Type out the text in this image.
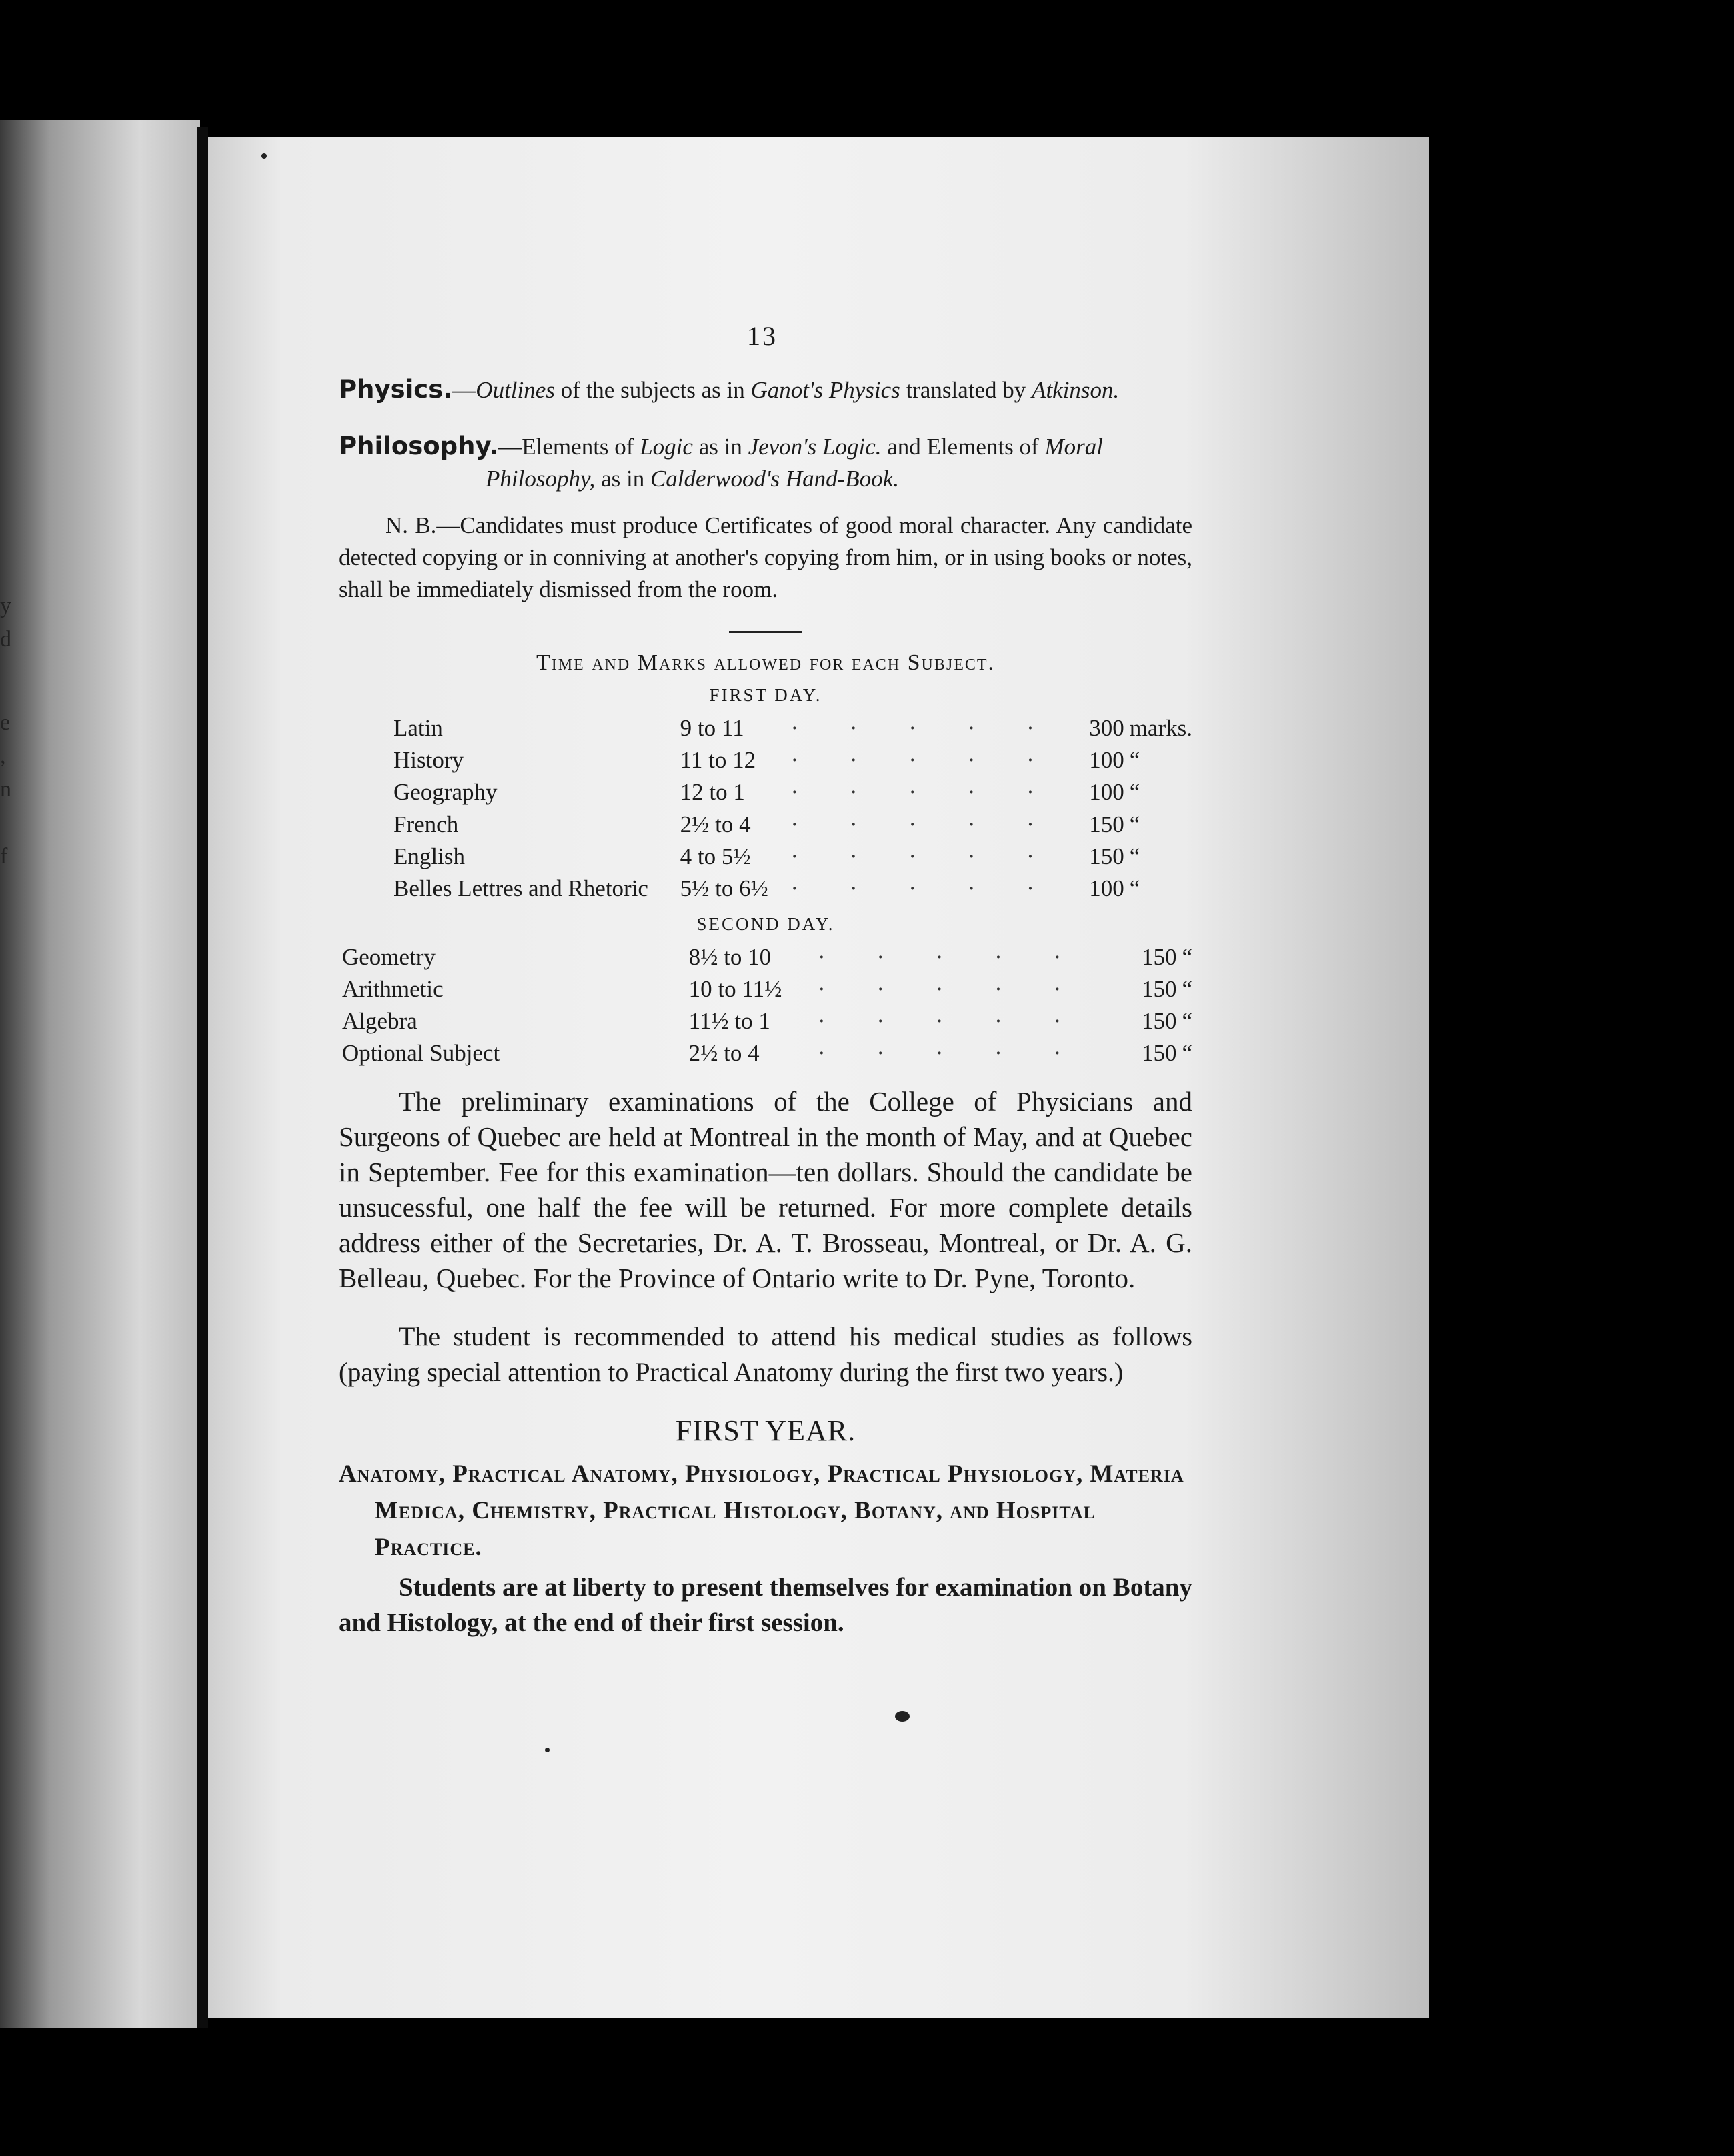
y
d
e
,
n
f
13

Physics.—Outlines of the subjects as in Ganot's Physics translated by Atkinson.

Philosophy.—Elements of Logic as in Jevon's Logic. and Elements of Moral Philosophy, as in Calderwood's Hand-Book.

N. B.—Candidates must produce Certificates of good moral character. Any candidate detected copying or in conniving at another's copying from him, or in using books or notes, shall be immediately dismissed from the room.

Time and Marks allowed for each Subject.
FIRST DAY.
Latin	9 to 11	· · · · ·	300	marks.
History	11 to 12	· · · · ·	100	“
Geography	12 to 1	· · · · ·	100	“
French	2½ to 4	· · · · ·	150	“
English	4 to 5½	· · · · ·	150	“
Belles Lettres and Rhetoric	5½ to 6½	· · · · ·	100	“
SECOND DAY.
Geometry	8½ to 10	· · · · ·	150	“
Arithmetic	10 to 11½	· · · · ·	150	“
Algebra	11½ to 1	· · · · ·	150	“
Optional Subject	2½ to 4	· · · · ·	150	“

The preliminary examinations of the College of Physicians and Surgeons of Quebec are held at Montreal in the month of May, and at Quebec in September. Fee for this examination—ten dollars. Should the candidate be unsucessful, one half the fee will be returned. For more complete details address either of the Secretaries, Dr. A. T. Brosseau, Montreal, or Dr. A. G. Belleau, Quebec. For the Province of Ontario write to Dr. Pyne, Toronto.

The student is recommended to attend his medical studies as follows (paying special attention to Practical Anatomy during the first two years.)

FIRST YEAR.

Anatomy, Practical Anatomy, Physiology, Practical Physiology, Materia Medica, Chemistry, Practical Histology, Botany, and Hospital Practice.

Students are at liberty to present themselves for examination on Botany and Histology, at the end of their first session.
